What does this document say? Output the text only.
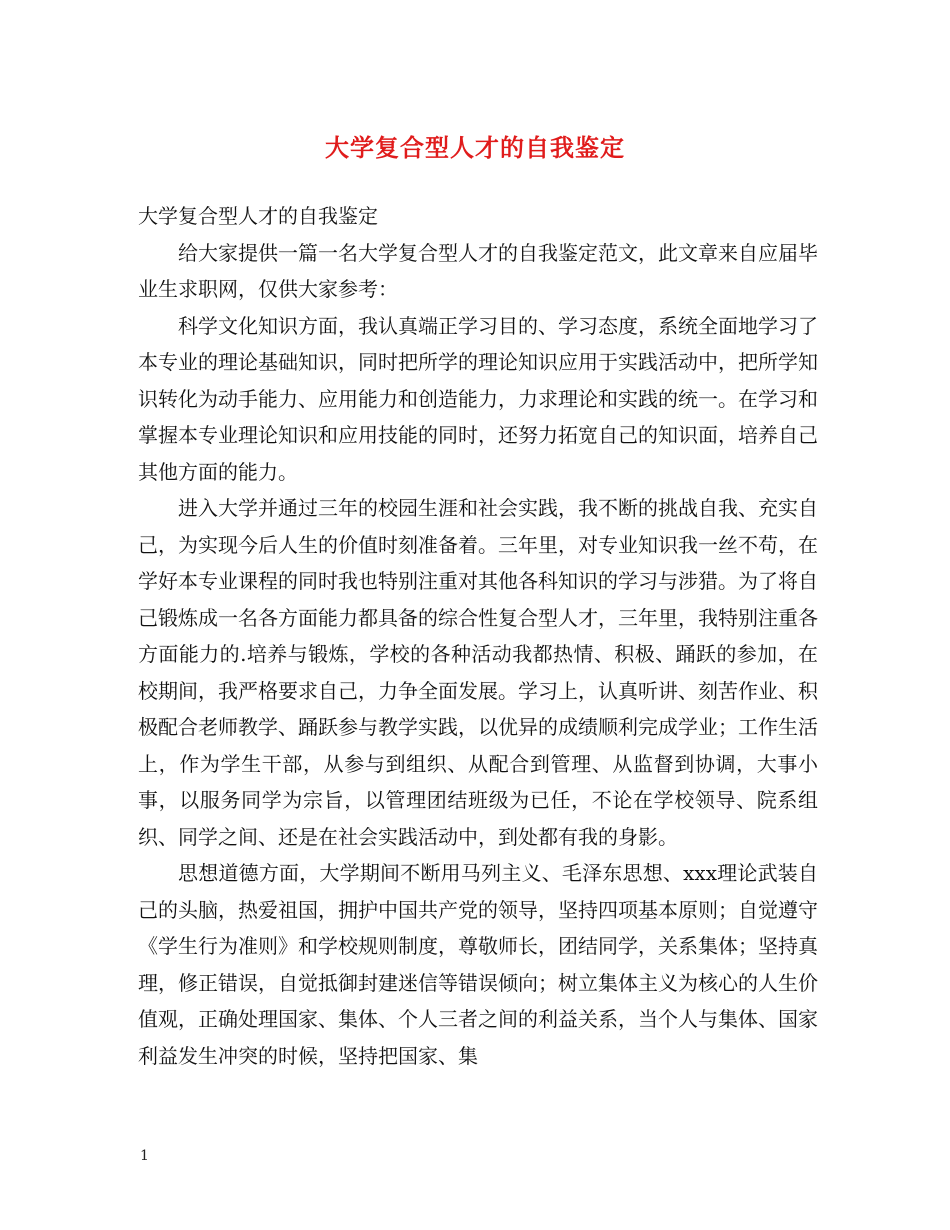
大学复合型人才的自我鉴定

大学复合型人才的自我鉴定

给大家提供一篇一名大学复合型人才的自我鉴定范文，此文章来自应届毕业生求职网，仅供大家参考：

科学文化知识方面，我认真端正学习目的、学习态度，系统全面地学习了本专业的理论基础知识，同时把所学的理论知识应用于实践活动中，把所学知识转化为动手能力、应用能力和创造能力，力求理论和实践的统一。在学习和掌握本专业理论知识和应用技能的同时，还努力拓宽自己的知识面，培养自己其他方面的能力。

进入大学并通过三年的校园生涯和社会实践，我不断的挑战自我、充实自己，为实现今后人生的价值时刻准备着。三年里，对专业知识我一丝不苟，在学好本专业课程的同时我也特别注重对其他各科知识的学习与涉猎。为了将自己锻炼成一名各方面能力都具备的综合性复合型人才，三年里，我特别注重各方面能力的.培养与锻炼，学校的各种活动我都热情、积极、踊跃的参加，在校期间，我严格要求自己，力争全面发展。学习上，认真听讲、刻苦作业、积极配合老师教学、踊跃参与教学实践，以优异的成绩顺利完成学业；工作生活上，作为学生干部，从参与到组织、从配合到管理、从监督到协调，大事小事，以服务同学为宗旨，以管理团结班级为已任，不论在学校领导、院系组织、同学之间、还是在社会实践活动中，到处都有我的身影。

思想道德方面，大学期间不断用马列主义、毛泽东思想、xxx理论武装自己的头脑，热爱祖国，拥护中国共产党的领导，坚持四项基本原则；自觉遵守《学生行为准则》和学校规则制度，尊敬师长，团结同学，关系集体；坚持真理，修正错误，自觉抵御封建迷信等错误倾向；树立集体主义为核心的人生价值观，正确处理国家、集体、个人三者之间的利益关系，当个人与集体、国家利益发生冲突的时候，坚持把国家、集

1
